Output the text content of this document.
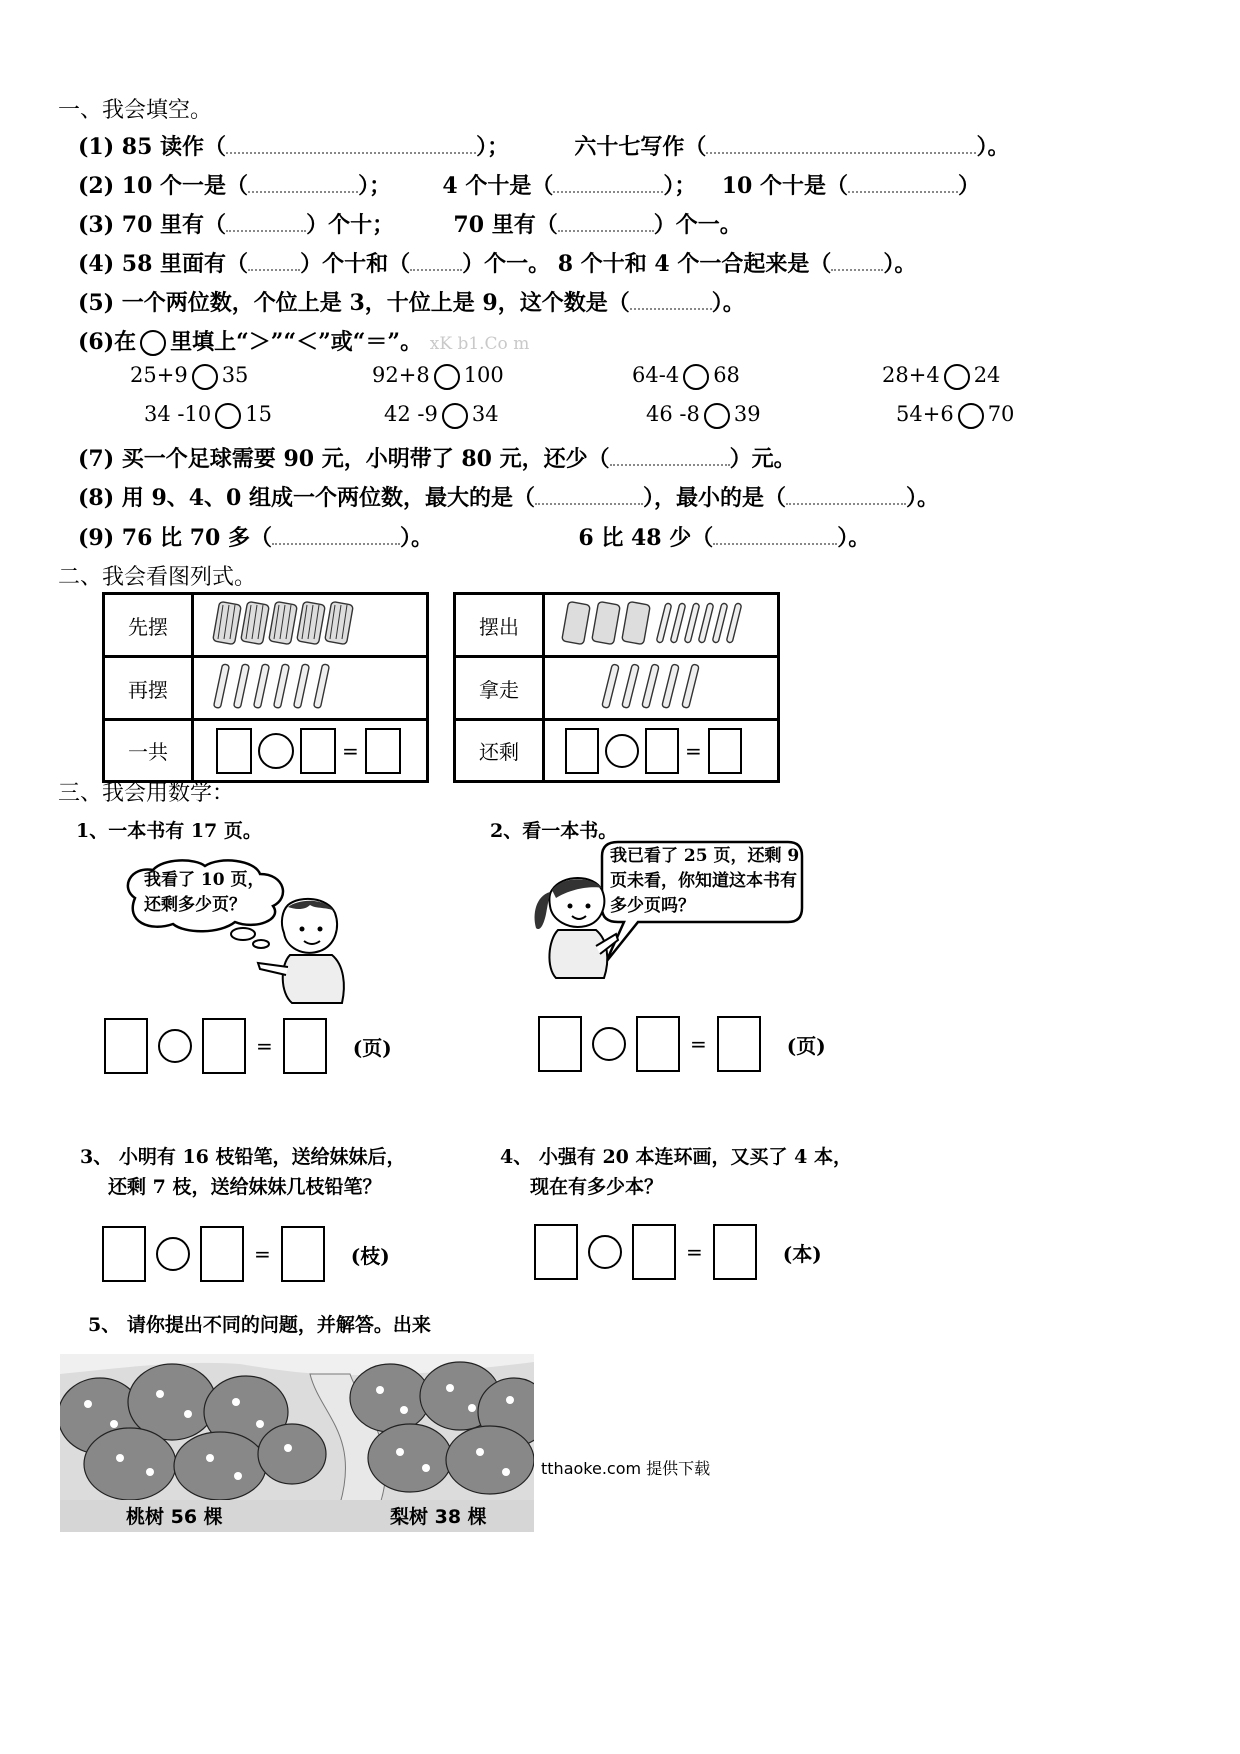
一、我会填空。
(1) 85 读作（	）；	六十七写作（	）。
(2) 10 个一是（	）； 4 个十是（	）； 10 个十是（	）
(3) 70 里有（	）个十；	70 里有（	）个一。
(4) 58 里面有（ ）个十和（ ）个一。 8 个十和 4 个一合起来是（ ）。
(5) 一个两位数，个位上是 3，十位上是 9，这个数是（	）。
(6)在 里填上“＞”“＜”或“＝”。 xK b1.Co m
25+9 35	92+8 100	64-4 68	28+4 24
34 -10 15	42 -9 34	46 -8 39	54+6 70
(7) 买一个足球需要 90 元，小明带了 80 元，还少（	）元。
(8) 用 9、4、0 组成一个两位数，最大的是（	），最小的是（	）。
(9) 76 比 70 多（	）。	6 比 48 少（	）。
二、我会看图列式。
先摆	
再摆	
一共	=
摆出	
拿走	
还剩	=
三、我会用数学：
1、一本书有 17 页。
我看了 10 页，
还剩多少页？
=	(页)
2、看一本书。
我已看了 25 页，还剩 9
页未看，你知道这本书有
多少页吗？
=	(页)
3、 小明有 16 枝铅笔，送给妹妹后，
还剩 7 枝，送给妹妹几枝铅笔？
=	(枝)
4、 小强有 20 本连环画，又买了 4 本，
现在有多少本？
=	(本)
5、 请你提出不同的问题，并解答。出来
桃树 56 棵	梨树 38 棵
tthaoke.com 提供下载
